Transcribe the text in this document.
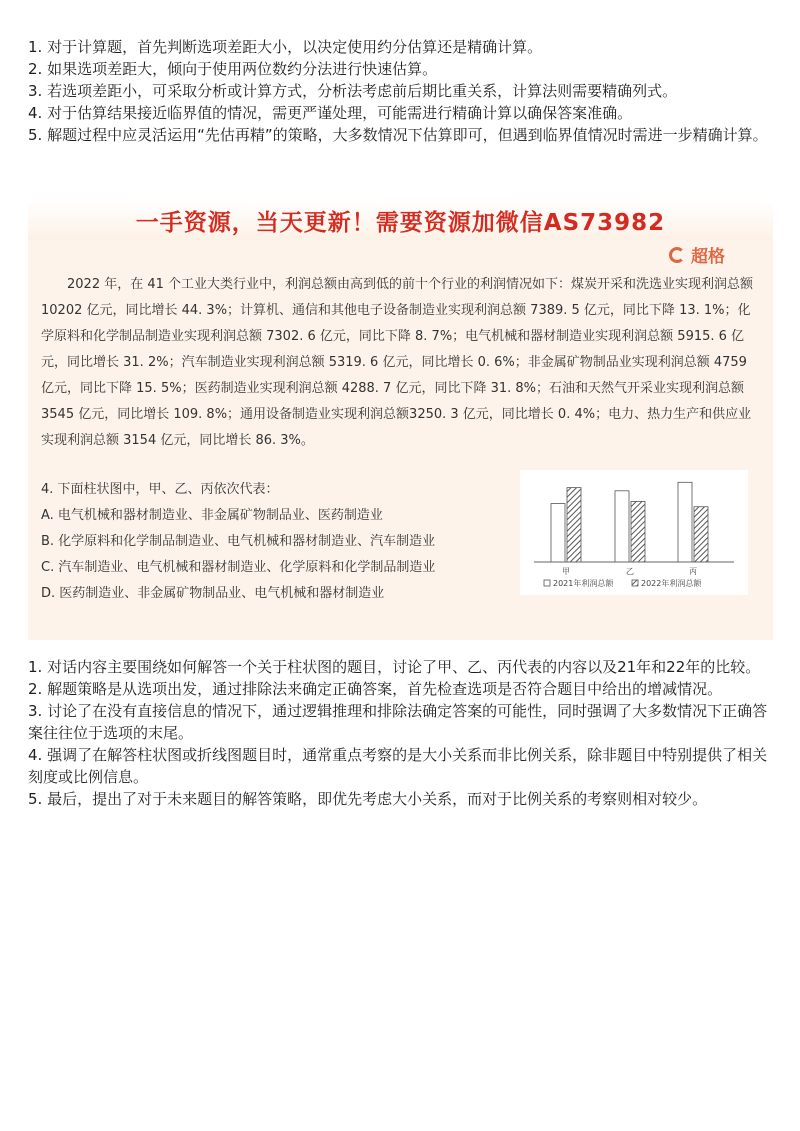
1. 对于计算题，首先判断选项差距大小，以决定使用约分估算还是精确计算。
2. 如果选项差距大，倾向于使用两位数约分法进行快速估算。
3. 若选项差距小，可采取分析或计算方式，分析法考虑前后期比重关系，计算法则需要精确列式。
4. 对于估算结果接近临界值的情况，需更严谨处理，可能需进行精确计算以确保答案准确。
5. 解题过程中应灵活运用“先估再精”的策略，大多数情况下估算即可，但遇到临界值情况时需进一步精确计算。
一手资源，当天更新！需要资源加微信AS73982
超格

2022 年，在 41 个工业大类行业中，利润总额由高到低的前十个行业的利润情况如下：煤炭开采和洗选业实现利润总额 10202 亿元，同比增长 44. 3%；计算机、通信和其他电子设备制造业实现利润总额 7389. 5 亿元，同比下降 13. 1%；化学原料和化学制品制造业实现利润总额 7302. 6 亿元，同比下降 8. 7%；电气机械和器材制造业实现利润总额 5915. 6 亿元，同比增长 31. 2%；汽车制造业实现利润总额 5319. 6 亿元，同比增长 0. 6%；非金属矿物制品业实现利润总额 4759 亿元，同比下降 15. 5%；医药制造业实现利润总额 4288. 7 亿元，同比下降 31. 8%；石油和天然气开采业实现利润总额 3545 亿元，同比增长 109. 8%；通用设备制造业实现利润总额3250. 3 亿元，同比增长 0. 4%；电力、热力生产和供应业实现利润总额 3154 亿元，同比增长 86. 3%。

4. 下面柱状图中，甲、乙、丙依次代表：
A. 电气机械和器材制造业、非金属矿物制品业、医药制造业
B. 化学原料和化学制品制造业、电气机械和器材制造业、汽车制造业
C. 汽车制造业、电气机械和器材制造业、化学原料和化学制品制造业
D. 医药制造业、非金属矿物制品业、电气机械和器材制造业
甲	乙	丙
2021年利润总额	2022年利润总额
1. 对话内容主要围绕如何解答一个关于柱状图的题目，讨论了甲、乙、丙代表的内容以及21年和22年的比较。
2. 解题策略是从选项出发，通过排除法来确定正确答案，首先检查选项是否符合题目中给出的增减情况。
3. 讨论了在没有直接信息的情况下，通过逻辑推理和排除法确定答案的可能性，同时强调了大多数情况下正确答案往往位于选项的末尾。
4. 强调了在解答柱状图或折线图题目时，通常重点考察的是大小关系而非比例关系，除非题目中特别提供了相关刻度或比例信息。
5. 最后，提出了对于未来题目的解答策略，即优先考虑大小关系，而对于比例关系的考察则相对较少。
